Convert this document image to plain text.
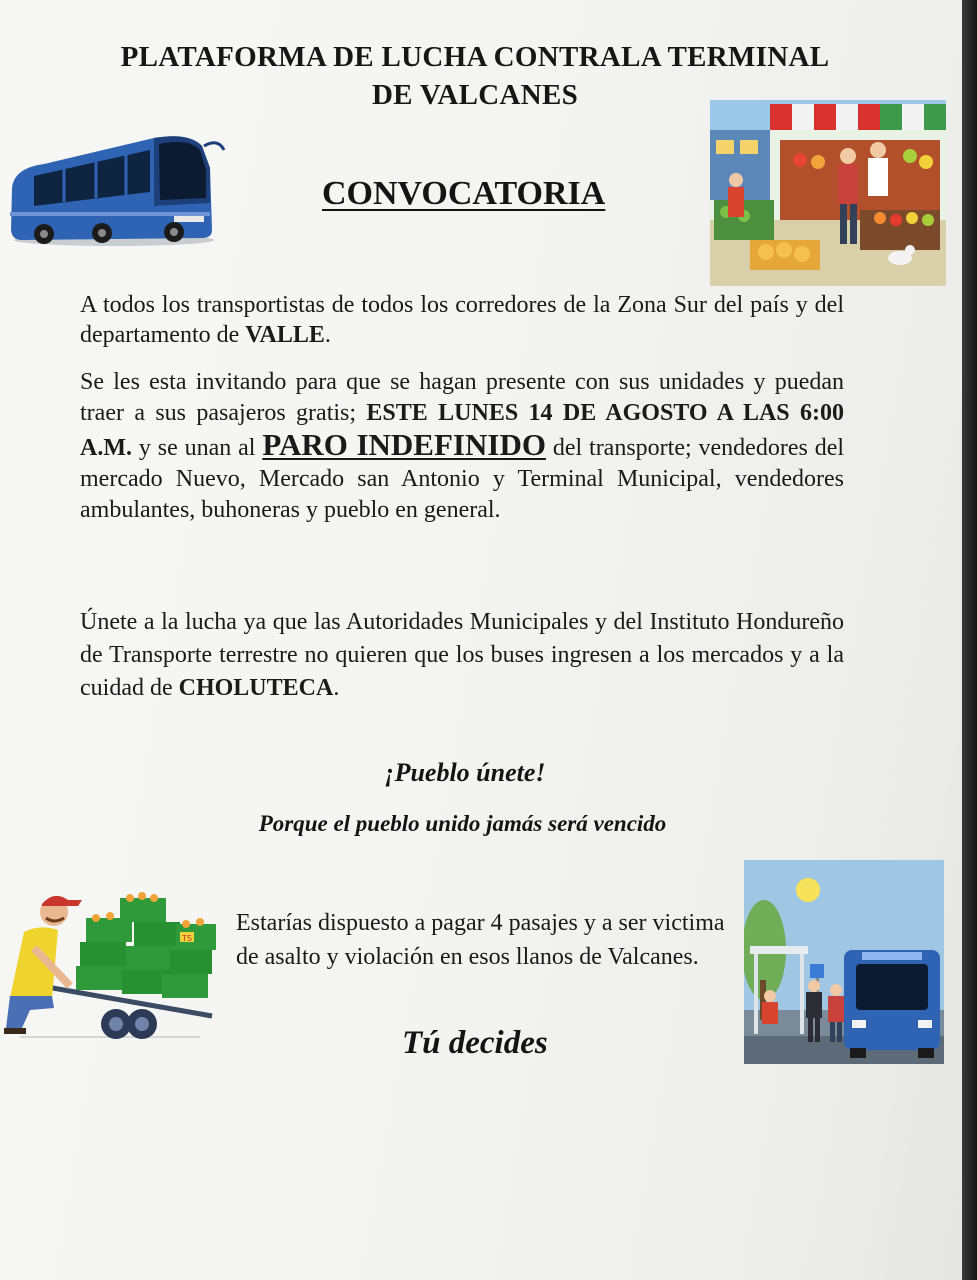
PLATAFORMA DE LUCHA CONTRALA TERMINAL
DE VALCANES
CONVOCATORIA
A todos los transportistas de todos los corredores de la Zona Sur del país y del departamento de VALLE.
Se les esta invitando para que se hagan presente con sus unidades y puedan traer a sus pasajeros gratis; ESTE LUNES 14 DE AGOSTO A LAS 6:00 A.M. y se unan al PARO INDEFINIDO del transporte; vendedores del mercado Nuevo, Mercado san Antonio y Terminal Municipal, vendedores ambulantes, buhoneras y pueblo en general.
Únete a la lucha ya que las Autoridades Municipales y del Instituto Hondureño de Transporte terrestre no quieren que los buses ingresen a los mercados y a la cuidad de CHOLUTECA.
¡Pueblo únete!
Porque el pueblo unido jamás será vencido
TS
Estarías dispuesto a pagar 4 pasajes y a ser victima de asalto y violación en esos llanos de Valcanes.
Tú decides
